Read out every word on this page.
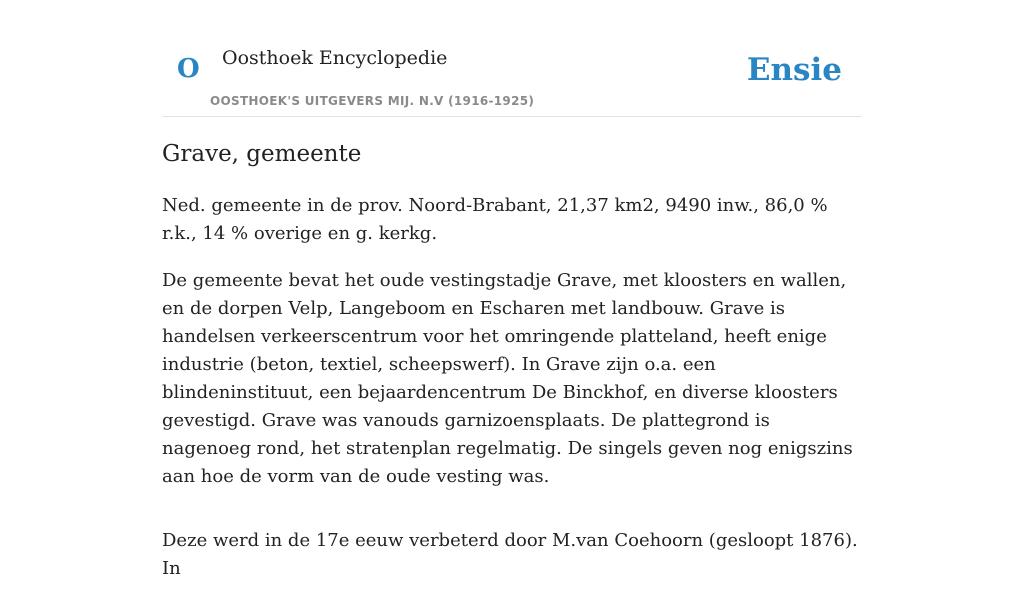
O Oosthoek Encyclopedie
OOSTHOEK'S UITGEVERS MIJ. N.V (1916-1925)
Ensie
Grave, gemeente

Ned. gemeente in de prov. Noord-Brabant, 21,37 km2, 9490 inw., 86,0 % r.k., 14 % overige en g. kerkg.

De gemeente bevat het oude vestingstadje Grave, met kloosters en wallen, en de dorpen Velp, Langeboom en Escharen met landbouw. Grave is handelsen verkeerscentrum voor het omringende platteland, heeft enige industrie (beton, textiel, scheepswerf). In Grave zijn o.a. een blindeninstituut, een bejaardencentrum De Binckhof, en diverse kloosters gevestigd. Grave was vanouds garnizoensplaats. De plattegrond is nagenoeg rond, het stratenplan regelmatig. De singels geven nog enigszins aan hoe de vorm van de oude vesting was.

Deze werd in de 17e eeuw verbeterd door M.van Coehoorn (gesloopt 1876). In
